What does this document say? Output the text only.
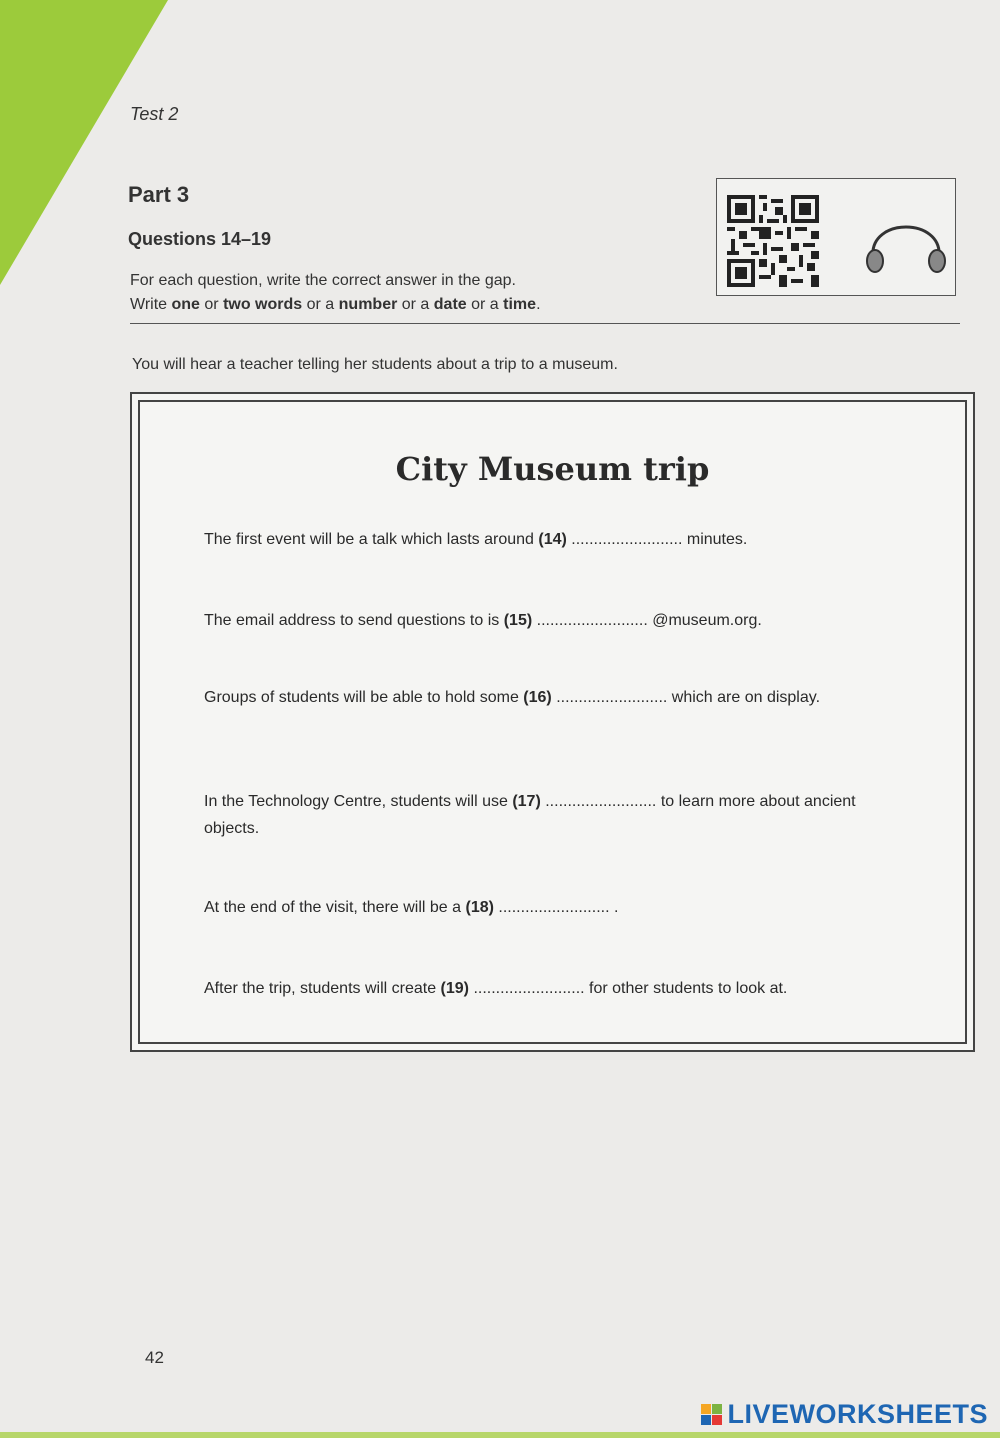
Test 2

Part 3

Questions 14–19

For each question, write the correct answer in the gap.

Write one or two words or a number or a date or a time.

You will hear a teacher telling her students about a trip to a museum.

City Museum trip

The first event will be a talk which lasts around (14) ......................... minutes.

The email address to send questions to is (15) ......................... @museum.org.

Groups of students will be able to hold some (16) ......................... which are on display.

In the Technology Centre, students will use (17) ......................... to learn more about ancient objects.

At the end of the visit, there will be a (18) ......................... .

After the trip, students will create (19) ......................... for other students to look at.

42

LIVEWORKSHEETS
